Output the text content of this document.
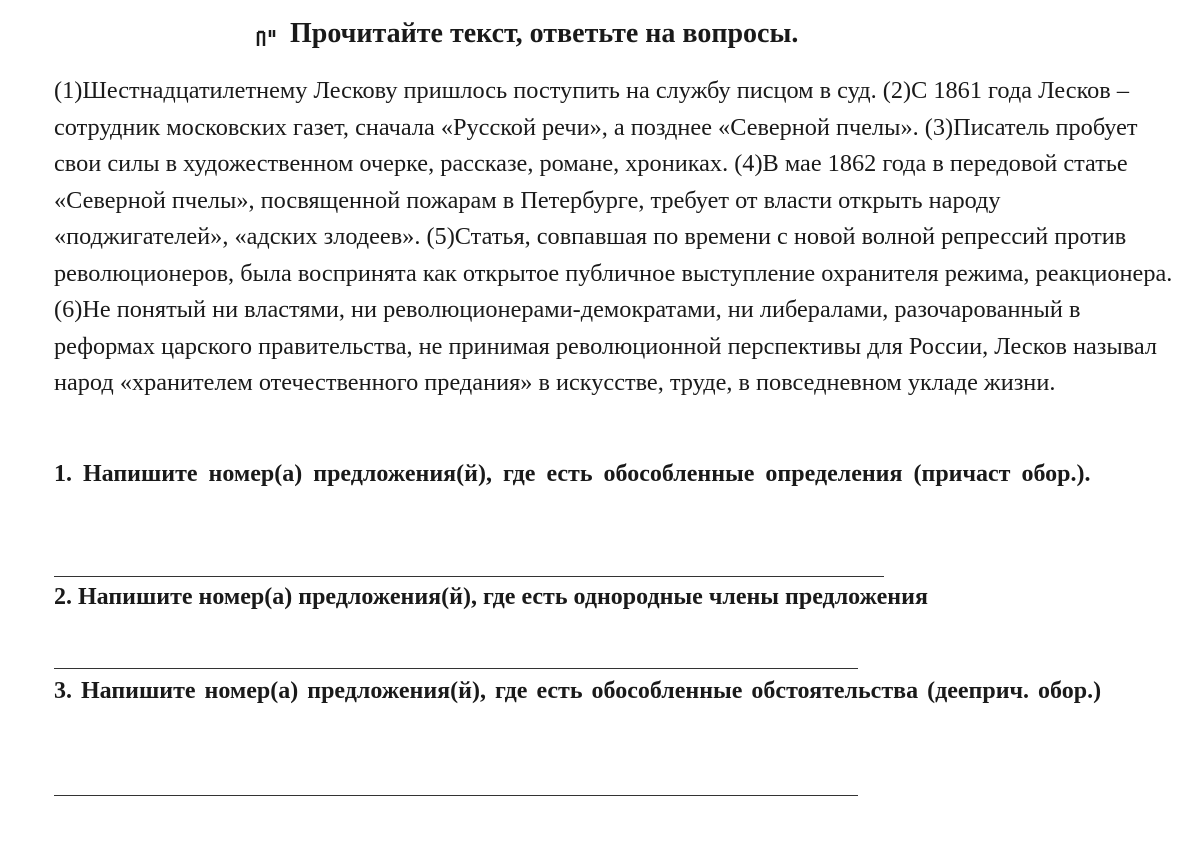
Прочитайте текст, ответьте на вопросы.

(1)Шестнадцатилетнему Лескову пришлось поступить на службу писцом в суд. (2)С 1861 года Лесков – сотрудник московских газет, сначала «Русской речи», а позднее «Северной пчелы». (3)Писатель пробует свои силы в художественном очерке, рассказе, романе, хрониках. (4)В мае 1862 года в передовой статье «Северной пчелы», посвященной пожарам в Петербурге, требует от власти открыть народу «поджигателей», «адских злодеев». (5)Статья, совпавшая по времени с новой волной репрессий против революционеров, была воспринята как открытое публичное выступление охранителя режима, реакционера. (6)Не понятый ни властями, ни революционерами-демократами, ни либералами, разочарованный в реформах царского правительства, не принимая революционной перспективы для России, Лесков называл народ «хранителем отечественного предания» в искусстве, труде, в повседневном укладе жизни.

1. Напишите номер(а) предложения(й), где есть обособленные определения (причаст обор.).

2. Напишите номер(а) предложения(й), где есть однородные члены предложения

3. Напишите номер(а) предложения(й), где есть обособленные обстоятельства (дееприч. обор.)
